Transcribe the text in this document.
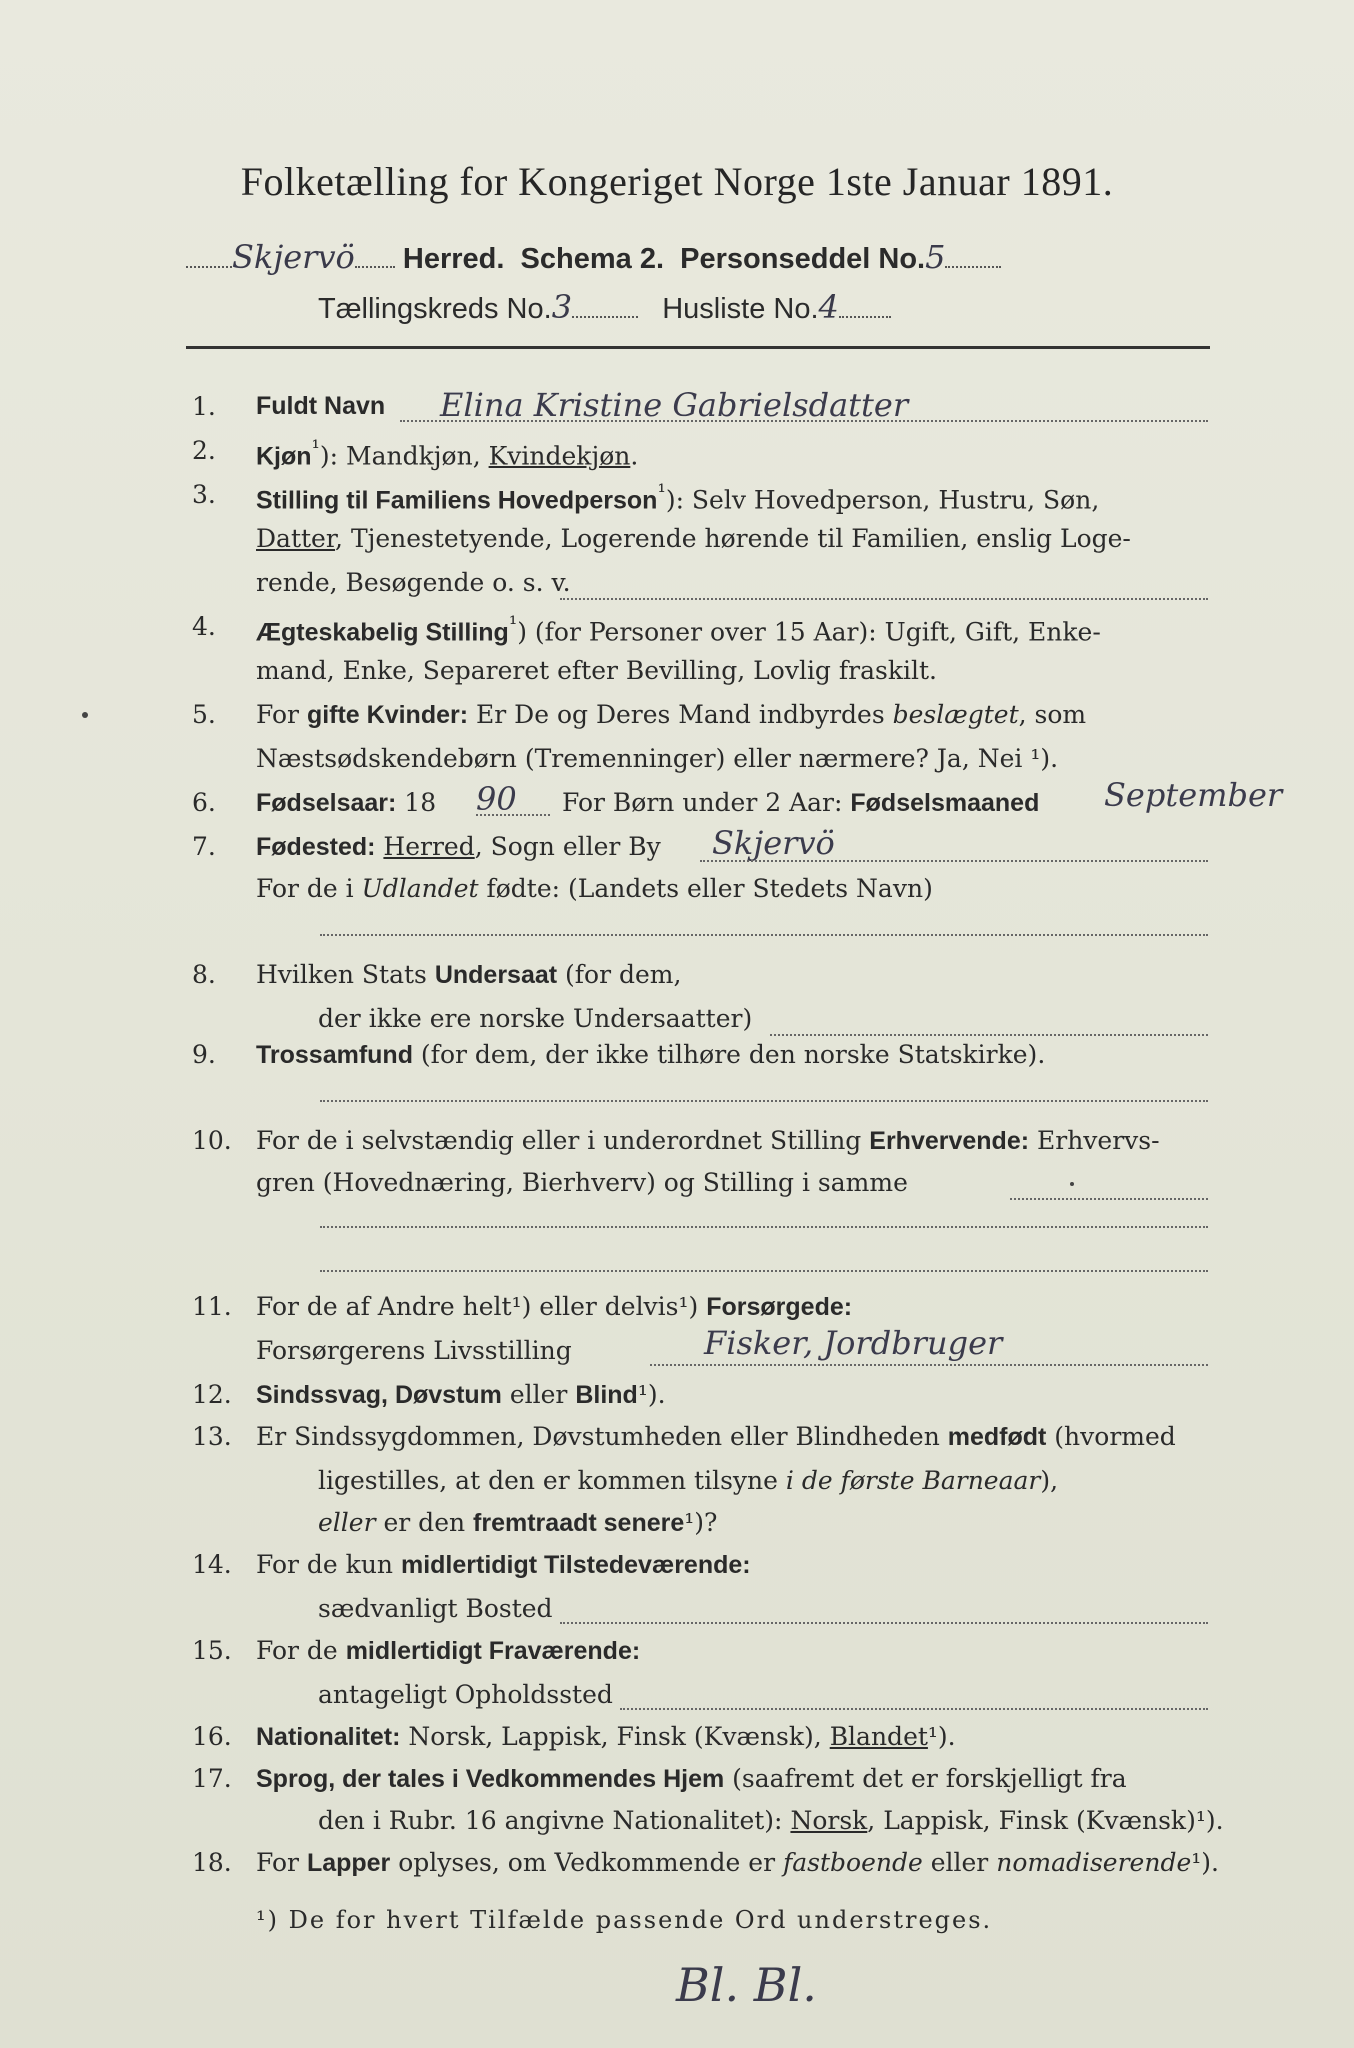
Folketælling for Kongeriget Norge 1ste Januar 1891.
Skjervö Herred. Schema 2. Personseddel No.5
Tællingskreds No.3	Husliste No.4
1.	Fuldt Navn Elina Kristine Gabrielsdatter
2.	Kjøn$^{^1}$): Mandkjøn, Kvindekjøn.
3.	Stilling til Familiens Hovedperson$^{^1}$): Selv Hovedperson, Hustru, Søn,
Datter, Tjenestetyende, Logerende hørende til Familien, enslig Loge-
rende, Besøgende o. s. v.
4.	Ægteskabelig Stilling$^{^1}$) (for Personer over 15 Aar): Ugift, Gift, Enke-
mand, Enke, Separeret efter Bevilling, Lovlig fraskilt.
5.	For gifte Kvinder: Er De og Deres Mand indbyrdes beslægtet, som
Næstsødskendebørn (Tremenninger) eller nærmere? Ja, Nei ¹).
6.	Fødselsaar: 18 90 For Børn under 2 Aar: Fødselsmaaned September
7.	Fødested: Herred, Sogn eller By Skjervö
For de i Udlandet fødte: (Landets eller Stedets Navn)
8.	Hvilken Stats Undersaat (for dem,
der ikke ere norske Undersaatter)
9.	Trossamfund (for dem, der ikke tilhøre den norske Statskirke).
10. For de i selvstændig eller i underordnet Stilling Erhvervende: Erhvervs-
gren (Hovednæring, Bierhverv) og Stilling i samme
11. For de af Andre helt¹) eller delvis¹) Forsørgede:
Forsørgerens Livsstilling	Fisker, Jordbruger
12. Sindssvag, Døvstum eller Blind¹).
13. Er Sindssygdommen, Døvstumheden eller Blindheden medfødt (hvormed
ligestilles, at den er kommen tilsyne i de første Barneaar),
eller er den fremtraadt senere¹)?
14. For de kun midlertidigt Tilstedeværende:
sædvanligt Bosted
15. For de midlertidigt Fraværende:
antageligt Opholdssted
16. Nationalitet: Norsk, Lappisk, Finsk (Kvænsk), Blandet¹).
17. Sprog, der tales i Vedkommendes Hjem (saafremt det er forskjelligt fra
den i Rubr. 16 angivne Nationalitet): Norsk, Lappisk, Finsk (Kvænsk)¹).
18. For Lapper oplyses, om Vedkommende er fastboende eller nomadiserende¹).
¹) De for hvert Tilfælde passende Ord understreges.
Bl. Bl.
